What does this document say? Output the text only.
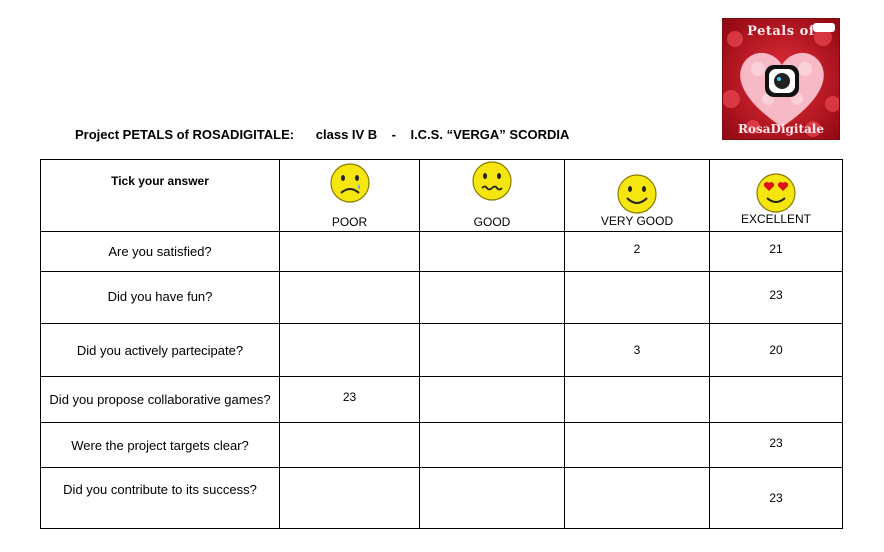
Project PETALS of ROSADIGITALE: class IV B - I.C.S. “VERGA” SCORDIA
Petals of
RosaDigitale
Tick your answer	POOR	GOOD	VERY GOOD	EXCELLENT

Are you satisfied?			2	21
Did you have fun?				23
Did you actively partecipate?			3	20
Did you propose collaborative games?	23			
Were the project targets clear?				23
Did you contribute to its success?				23
